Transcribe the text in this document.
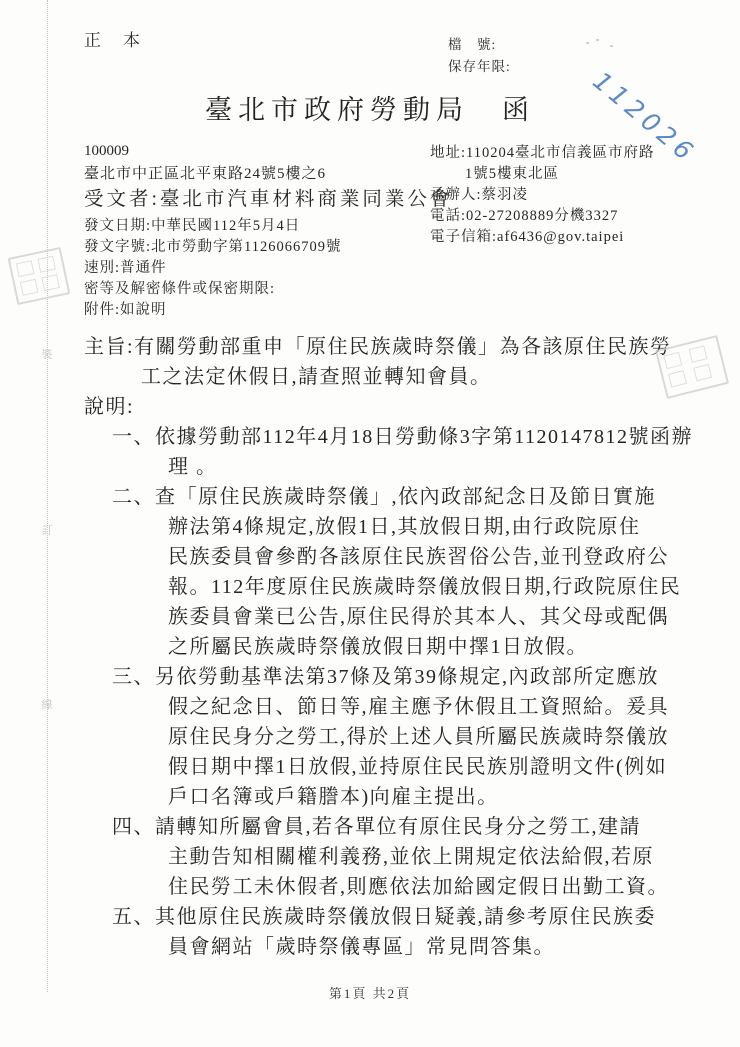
裝
訂
線
正本	檔　號:
保存年限:	112026
臺北市政府勞動局　函
100009
臺北市中正區北平東路24號5樓之6
受文者:臺北市汽車材料商業同業公會
發文日期:中華民國112年5月4日
發文字號:北市勞動字第1126066709號
速別:普通件
密等及解密條件或保密期限:
附件:如說明
地址:110204臺北市信義區市府路
1號5樓東北區
承辦人:蔡羽凌
電話:02-27208889分機3327
電子信箱:af6436@gov.taipei
主旨:有關勞動部重申「原住民族歲時祭儀」為各該原住民族勞
工之法定休假日,請查照並轉知會員。
說明:
一、依據勞動部112年4月18日勞動條3字第1120147812號函辦
理 。
二、查「原住民族歲時祭儀」,依內政部紀念日及節日實施
辦法第4條規定,放假1日,其放假日期,由行政院原住
民族委員會參酌各該原住民族習俗公告,並刊登政府公
報。112年度原住民族歲時祭儀放假日期,行政院原住民
族委員會業已公告,原住民得於其本人、其父母或配偶
之所屬民族歲時祭儀放假日期中擇1日放假。
三、另依勞動基準法第37條及第39條規定,內政部所定應放
假之紀念日、節日等,雇主應予休假且工資照給。爰具
原住民身分之勞工,得於上述人員所屬民族歲時祭儀放
假日期中擇1日放假,並持原住民民族別證明文件(例如
戶口名簿或戶籍謄本)向雇主提出。
四、請轉知所屬會員,若各單位有原住民身分之勞工,建請
主動告知相關權利義務,並依上開規定依法給假,若原
住民勞工未休假者,則應依法加給國定假日出勤工資。
五、其他原住民族歲時祭儀放假日疑義,請參考原住民族委
員會網站「歲時祭儀專區」常見問答集。
第1頁 共2頁
